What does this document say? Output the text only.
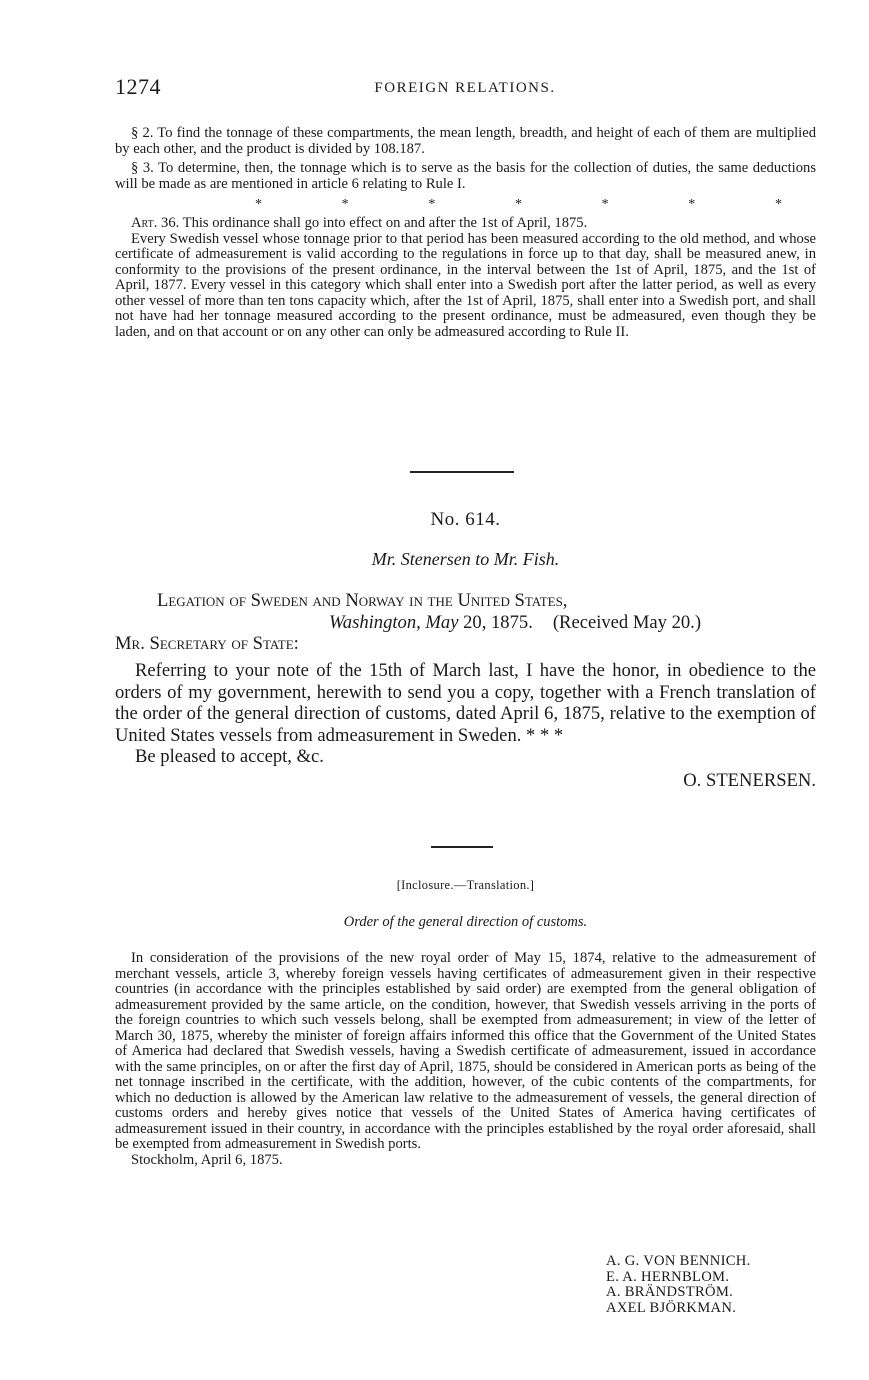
1274	FOREIGN RELATIONS.

§ 2. To find the tonnage of these compartments, the mean length, breadth, and height of each of them are multiplied by each other, and the product is divided by 108.187.

§ 3. To determine, then, the tonnage which is to serve as the basis for the collection of duties, the same deductions will be made as are mentioned in article 6 relating to Rule I.

*	*	*	*	*	*	*

Art. 36. This ordinance shall go into effect on and after the 1st of April, 1875.

Every Swedish vessel whose tonnage prior to that period has been measured according to the old method, and whose certificate of admeasurement is valid according to the regulations in force up to that day, shall be measured anew, in conformity to the provisions of the present ordinance, in the interval between the 1st of April, 1875, and the 1st of April, 1877. Every vessel in this category which shall enter into a Swedish port after the latter period, as well as every other vessel of more than ten tons capacity which, after the 1st of April, 1875, shall enter into a Swedish port, and shall not have had her tonnage measured according to the present ordinance, must be admeasured, even though they be laden, and on that account or on any other can only be admeasured according to Rule II.

No. 614.
Mr. Stenersen to Mr. Fish.
Legation of Sweden and Norway in the United States,
Washington, May 20, 1875. (Received May 20.)
Mr. Secretary of State:

Referring to your note of the 15th of March last, I have the honor, in obedience to the orders of my government, herewith to send you a copy, together with a French translation of the order of the general direction of customs, dated April 6, 1875, relative to the exemption of United States vessels from admeasurement in Sweden. * * *

Be pleased to accept, &c.

O. STENERSEN.
[Inclosure.—Translation.]
Order of the general direction of customs.

In consideration of the provisions of the new royal order of May 15, 1874, relative to the admeasurement of merchant vessels, article 3, whereby foreign vessels having certificates of admeasurement given in their respective countries (in accordance with the principles established by said order) are exempted from the general obligation of admeasurement provided by the same article, on the condition, however, that Swedish vessels arriving in the ports of the foreign countries to which such vessels belong, shall be exempted from admeasurement; in view of the letter of March 30, 1875, whereby the minister of foreign affairs informed this office that the Government of the United States of America had declared that Swedish vessels, having a Swedish certificate of admeasurement, issued in accordance with the same principles, on or after the first day of April, 1875, should be considered in American ports as being of the net tonnage inscribed in the certificate, with the addition, however, of the cubic contents of the compartments, for which no deduction is allowed by the American law relative to the admeasurement of vessels, the general direction of customs orders and hereby gives notice that vessels of the United States of America having certificates of admeasurement issued in their country, in accordance with the principles established by the royal order aforesaid, shall be exempted from admeasurement in Swedish ports.

Stockholm, April 6, 1875.

A. G. VON BENNICH.
E. A. HERNBLOM.
A. BRÄNDSTRÖM.
AXEL BJÖRKMAN.
